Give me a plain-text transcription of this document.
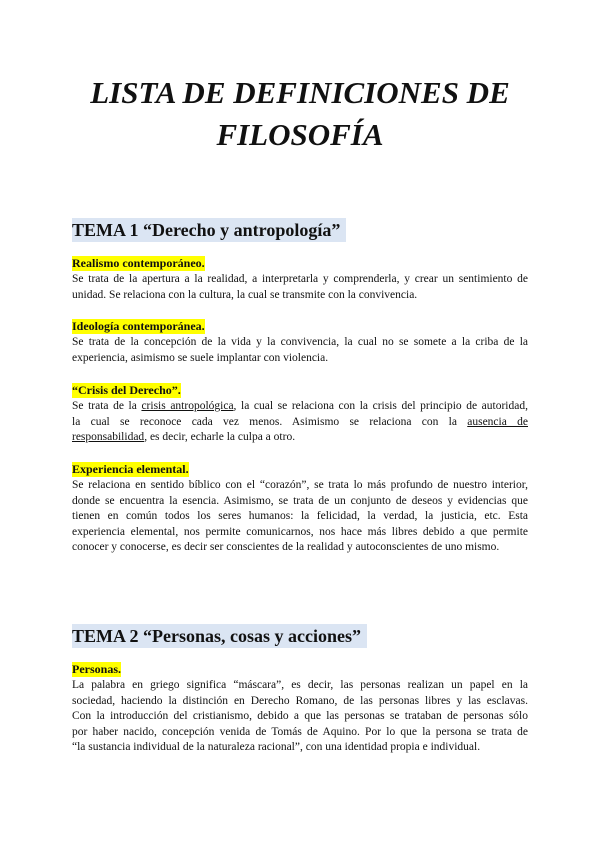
LISTA DE DEFINICIONES DE
FILOSOFÍA
TEMA 1 “Derecho y antropología”
Realismo contemporáneo.

Se trata de la apertura a la realidad, a interpretarla y comprenderla, y crear un sentimiento de
unidad. Se relaciona con la cultura, la cual se transmite con la convivencia.

Ideología contemporánea.

Se trata de la concepción de la vida y la convivencia, la cual no se somete a la criba de la
experiencia, asimismo se suele implantar con violencia.

“Crisis del Derecho”.

Se trata de la crisis antropológica, la cual se relaciona con la crisis del principio de autoridad,
la cual se reconoce cada vez menos. Asimismo se relaciona con la ausencia de
responsabilidad, es decir, echarle la culpa a otro.

Experiencia elemental.

Se relaciona en sentido bíblico con el “corazón”, se trata lo más profundo de nuestro interior,
donde se encuentra la esencia. Asimismo, se trata de un conjunto de deseos y evidencias que
tienen en común todos los seres humanos: la felicidad, la verdad, la justicia, etc. Esta
experiencia elemental, nos permite comunicarnos, nos hace más libres debido a que permite
conocer y conocerse, es decir ser conscientes de la realidad y autoconscientes de uno mismo.

TEMA 2 “Personas, cosas y acciones”
Personas.

La palabra en griego significa “máscara”, es decir, las personas realizan un papel en la
sociedad, haciendo la distinción en Derecho Romano, de las personas libres y las esclavas.
Con la introducción del cristianismo, debido a que las personas se trataban de personas sólo
por haber nacido, concepción venida de Tomás de Aquino. Por lo que la persona se trata de
“la sustancia individual de la naturaleza racional”, con una identidad propia e individual.
